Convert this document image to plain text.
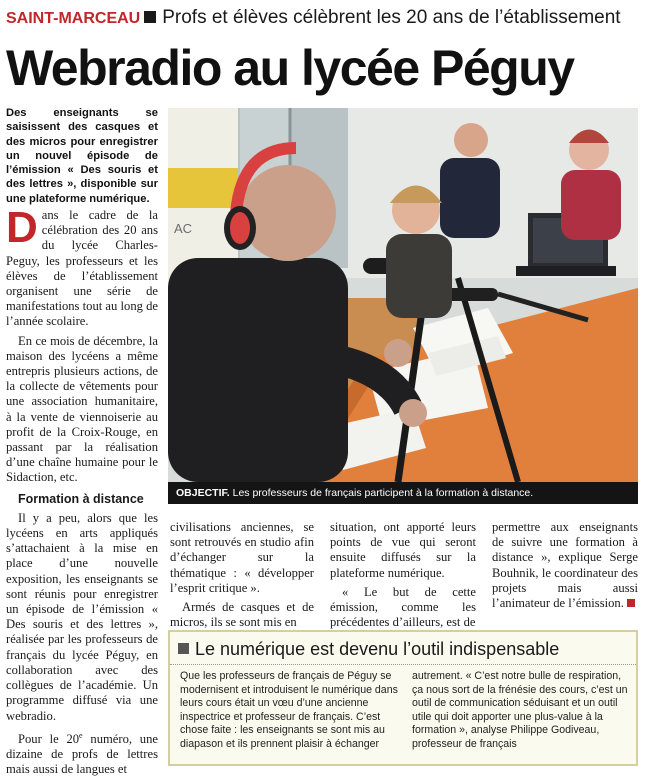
SAINT-MARCEAU Profs et élèves célèbrent les 20 ans de l’établissement
Webradio au lycée Péguy
Des enseignants se saisissent des casques et des micros pour enregistrer un nouvel épisode de l’émission « Des souris et des lettres », disponible sur une plateforme numérique.

Dans le cadre de la célébration des 20 ans du lycée Charles-Peguy, les professeurs et les élèves de l’établissement organisent une série de manifestations tout au long de l’année scolaire.

En ce mois de décembre, la maison des lycéens a même entrepris plusieurs actions, de la collecte de vêtements pour une association humanitaire, à la vente de viennoiserie au profit de la Croix-Rouge, en passant par la réalisation d’une chaîne humaine pour le Sidaction, etc.

Formation à distance

Il y a peu, alors que les lycéens en arts appliqués s’attachaient à la mise en place d’une nouvelle exposition, les enseignants se sont réunis pour enregistrer un épisode de l’émission « Des souris et des lettres », réalisée par les professeurs de français du lycée Péguy, en collaboration avec des collègues de l’académie. Un programme diffusé via une webradio.

Pour le 20e numéro, une dizaine de profs de lettres mais aussi de langues et

AC
OBJECTIF. Les professeurs de français participent à la formation à distance.

civilisations anciennes, se sont retrouvés en studio afin d’échanger sur la thématique : « développer l’esprit critique ».

Armés de casques et de micros, ils se sont mis en

situation, ont apporté leurs points de vue qui seront ensuite diffusés sur la plateforme numérique.

« Le but de cette émission, comme les précédentes d’ailleurs, est de

permettre aux enseignants de suivre une formation à distance », explique Serge Bouhnik, le coordinateur des projets mais aussi l’animateur de l’émission.

Le numérique est devenu l’outil indispensable

Que les professeurs de français de Péguy se modernisent et introduisent le numérique dans leurs cours était un vœu d’une ancienne inspectrice et professeur de français. C’est chose faite : les enseignants se sont mis au diapason et ils prennent plaisir à échanger

autrement. « C’est notre bulle de respiration, ça nous sort de la frénésie des cours, c’est un outil de communication séduisant et un outil utile qui doit apporter une plus-value à la formation », analyse Philippe Godiveau, professeur de français
